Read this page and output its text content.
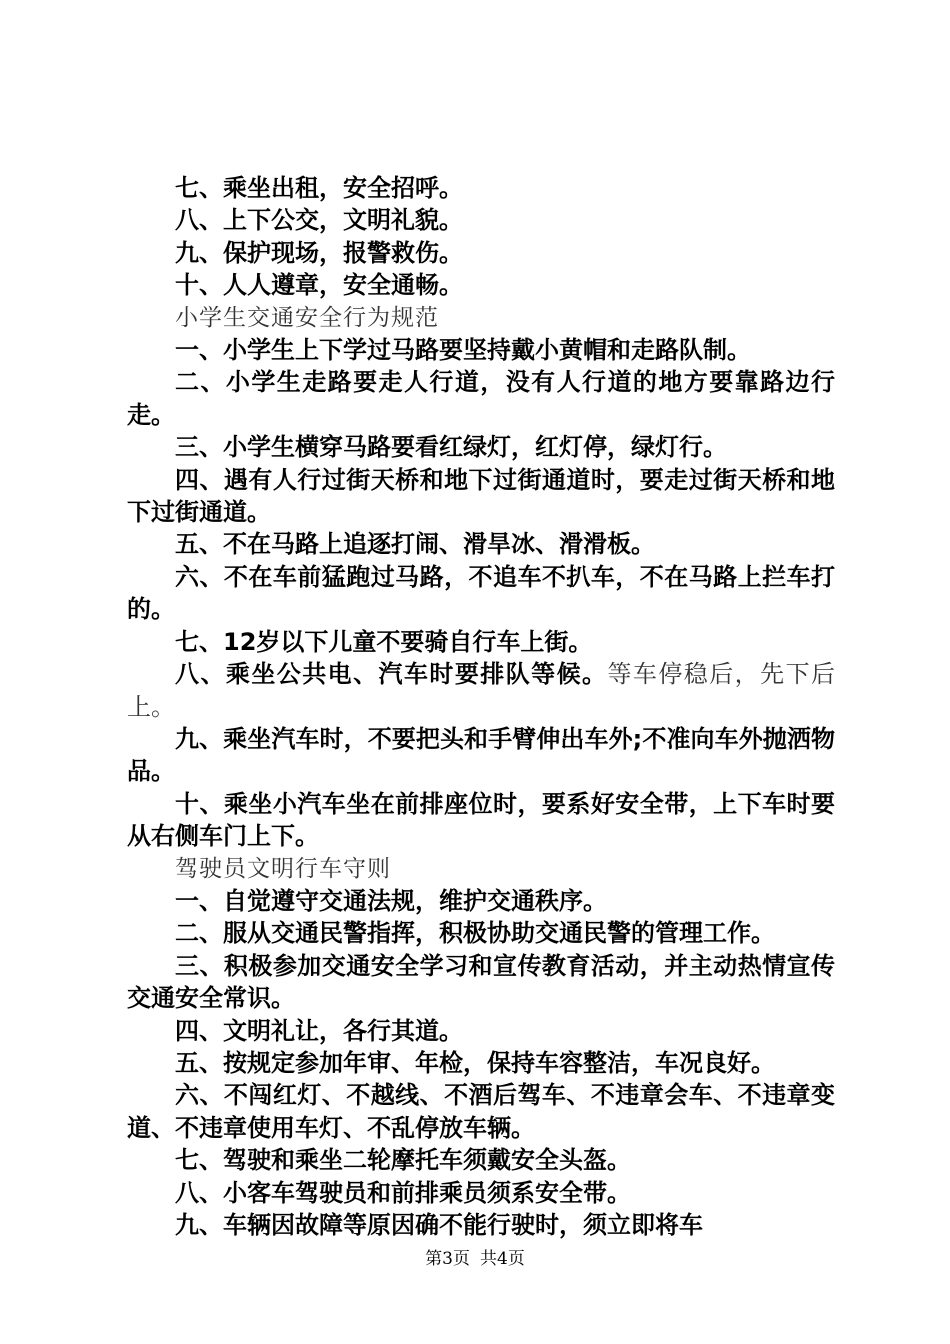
七、乘坐出租，安全招呼。

八、上下公交，文明礼貌。

九、保护现场，报警救伤。

十、人人遵章，安全通畅。

小学生交通安全行为规范

一、小学生上下学过马路要坚持戴小黄帽和走路队制。

二、小学生走路要走人行道，没有人行道的地方要靠路边行走。

三、小学生横穿马路要看红绿灯，红灯停，绿灯行。

四、遇有人行过街天桥和地下过街通道时，要走过街天桥和地下过街通道。

五、不在马路上追逐打闹、滑旱冰、滑滑板。

六、不在车前猛跑过马路，不追车不扒车，不在马路上拦车打的。

七、12岁以下儿童不要骑自行车上街。

八、乘坐公共电、汽车时要排队等候。等车停稳后，先下后上。

九、乘坐汽车时，不要把头和手臂伸出车外;不准向车外抛洒物品。

十、乘坐小汽车坐在前排座位时，要系好安全带，上下车时要从右侧车门上下。

驾驶员文明行车守则

一、自觉遵守交通法规，维护交通秩序。

二、服从交通民警指挥，积极协助交通民警的管理工作。

三、积极参加交通安全学习和宣传教育活动，并主动热情宣传交通安全常识。

四、文明礼让，各行其道。

五、按规定参加年审、年检，保持车容整洁，车况良好。

六、不闯红灯、不越线、不酒后驾车、不违章会车、不违章变道、不违章使用车灯、不乱停放车辆。

七、驾驶和乘坐二轮摩托车须戴安全头盔。

八、小客车驾驶员和前排乘员须系安全带。

九、车辆因故障等原因确不能行驶时，须立即将车

第3页 共4页
